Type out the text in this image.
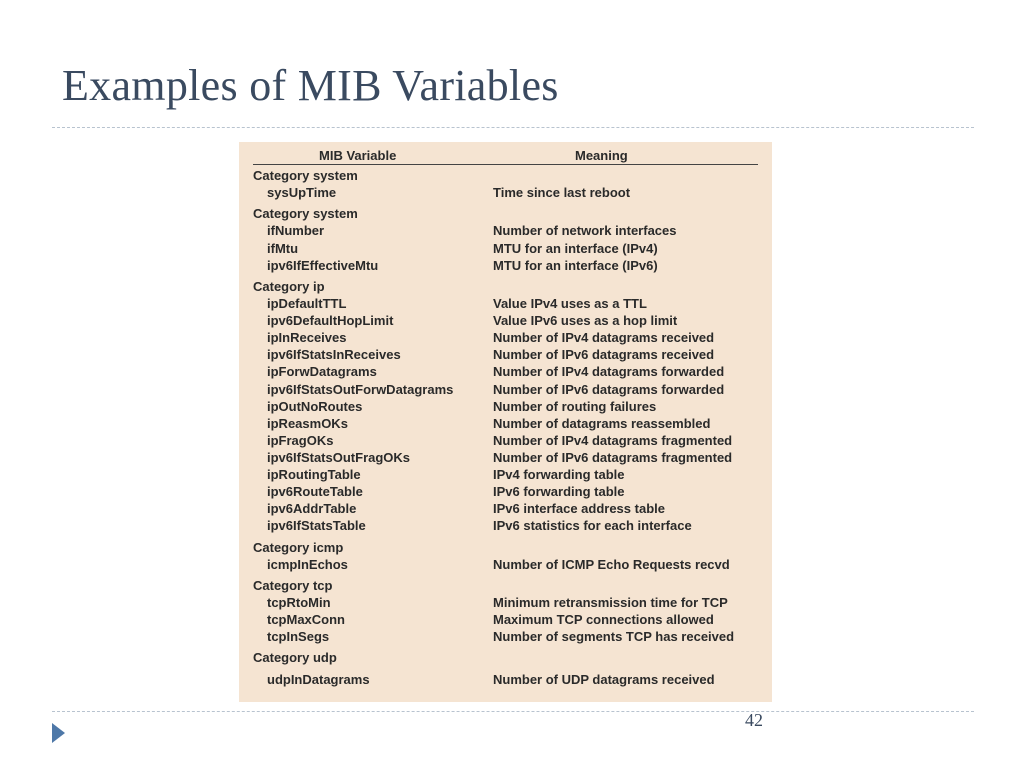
Examples of MIB Variables
MIB Variable	Meaning
Category system
sysUpTime	Time since last reboot
Category system
ifNumber	Number of network interfaces
ifMtu	MTU for an interface (IPv4)
ipv6IfEffectiveMtu	MTU for an interface (IPv6)
Category ip
ipDefaultTTL	Value IPv4 uses as a TTL
ipv6DefaultHopLimit	Value IPv6 uses as a hop limit
ipInReceives	Number of IPv4 datagrams received
ipv6IfStatsInReceives	Number of IPv6 datagrams received
ipForwDatagrams	Number of IPv4 datagrams forwarded
ipv6IfStatsOutForwDatagrams	Number of IPv6 datagrams forwarded
ipOutNoRoutes	Number of routing failures
ipReasmOKs	Number of datagrams reassembled
ipFragOKs	Number of IPv4 datagrams fragmented
ipv6IfStatsOutFragOKs	Number of IPv6 datagrams fragmented
ipRoutingTable	IPv4 forwarding table
ipv6RouteTable	IPv6 forwarding table
ipv6AddrTable	IPv6 interface address table
ipv6IfStatsTable	IPv6 statistics for each interface
Category icmp
icmpInEchos	Number of ICMP Echo Requests recvd
Category tcp
tcpRtoMin	Minimum retransmission time for TCP
tcpMaxConn	Maximum TCP connections allowed
tcpInSegs	Number of segments TCP has received
Category udp
udpInDatagrams	Number of UDP datagrams received
42
